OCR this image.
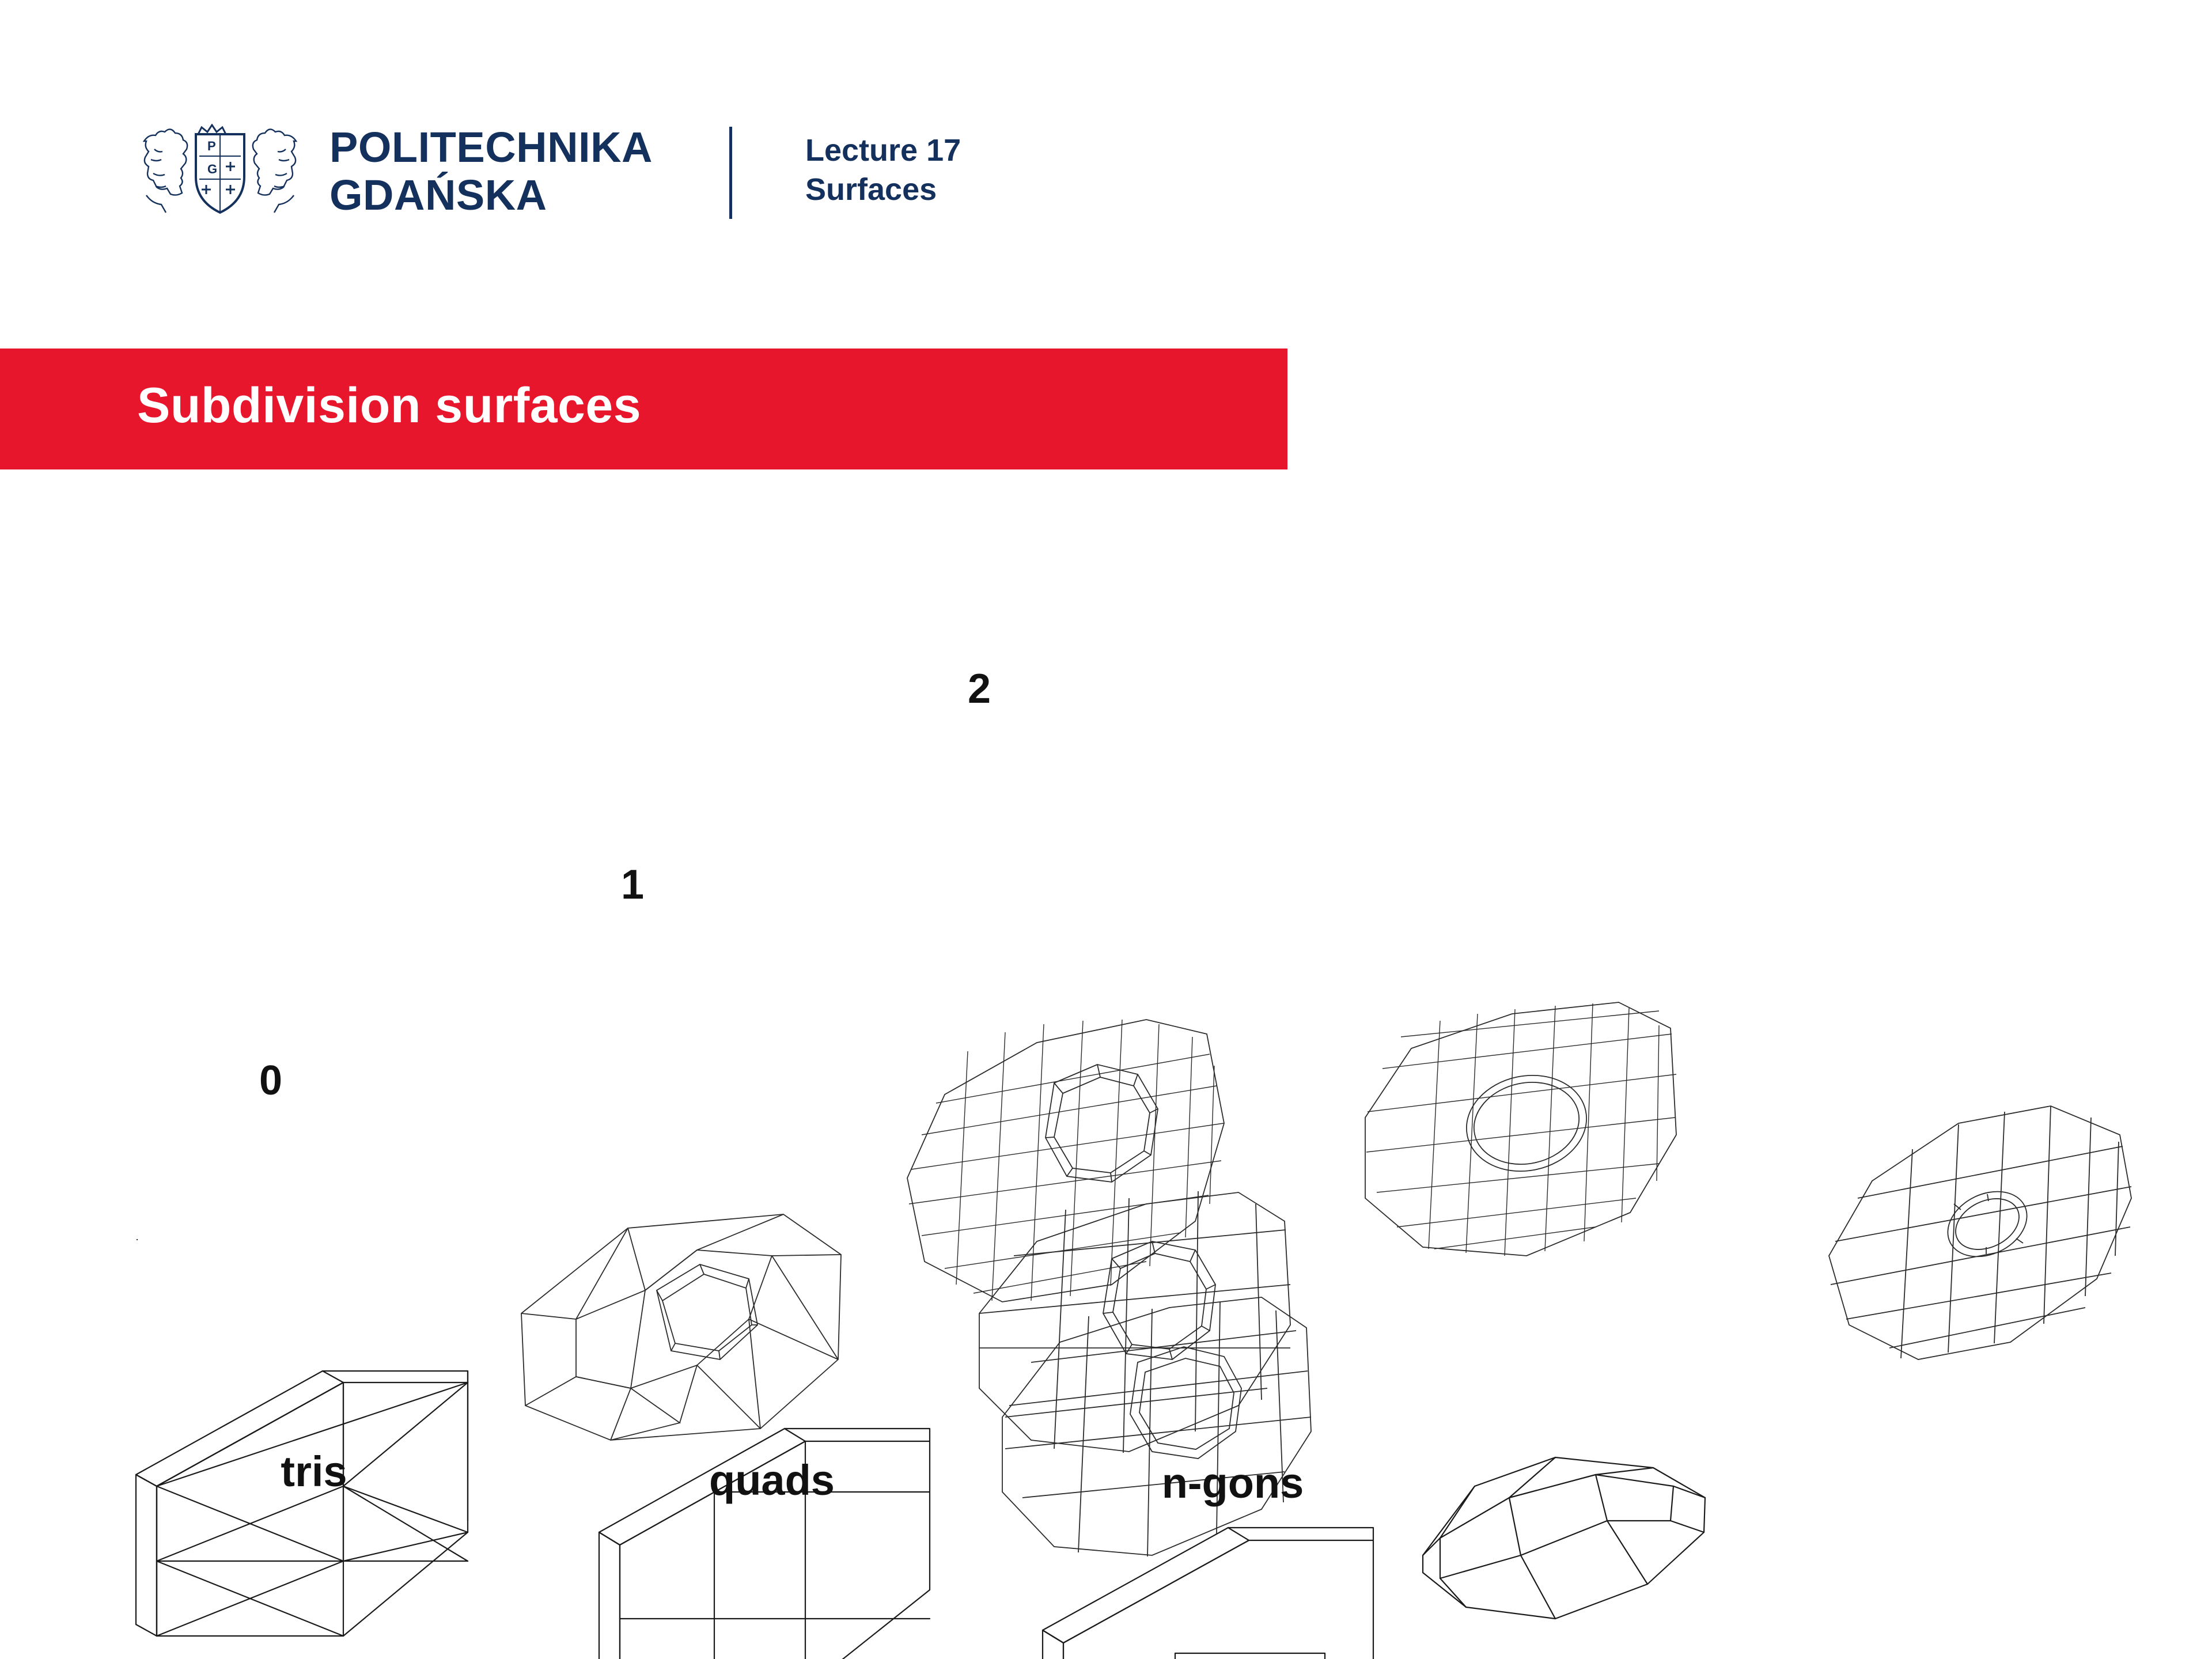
P
G	POLITECHNIKA
GDAŃSKA
Lecture 17
Surfaces
Subdivision surfaces
0
1
2
tris	quads	n-gons
